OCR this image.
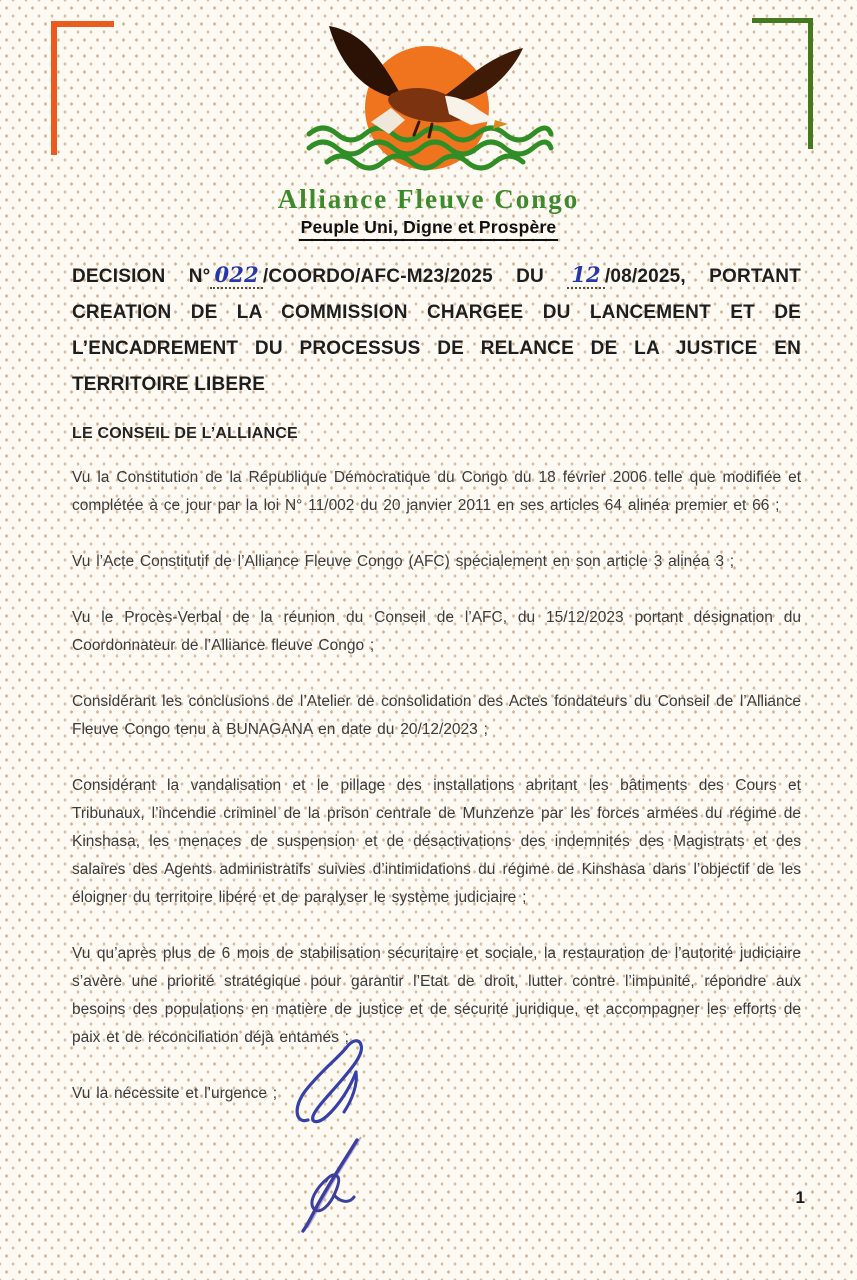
Alliance Fleuve Congo
Peuple Uni, Digne et Prospère
DECISION N° 022 /COORDO/AFC-M23/2025 DU 12 /08/2025, PORTANT
CREATION DE LA COMMISSION CHARGEE DU LANCEMENT ET DE
L’ENCADREMENT DU PROCESSUS DE RELANCE DE LA JUSTICE EN
TERRITOIRE LIBERE
LE CONSEIL DE L’ALLIANCE

Vu la Constitution de la République Démocratique du Congo du 18 février 2006 telle que modifiée et complétée à ce jour par la loi N° 11/002 du 20 janvier 2011 en ses articles 64 alinéa premier et 66 ;

Vu l’Acte Constitutif de l’Alliance Fleuve Congo (AFC) spécialement en son article 3 alinéa 3 ;

Vu le Procès-Verbal de la réunion du Conseil de l’AFC, du 15/12/2023 portant désignation du Coordonnateur de l’Alliance fleuve Congo ;

Considérant les conclusions de l’Atelier de consolidation des Actes fondateurs du Conseil de l’Alliance Fleuve Congo tenu à BUNAGANA en date du 20/12/2023 ;

Considérant la vandalisation et le pillage des installations abritant les bâtiments des Cours et Tribunaux, l’incendie criminel de la prison centrale de Munzenze par les forces armées du régime de Kinshasa, les menaces de suspension et de désactivations des indemnités des Magistrats et des salaires des Agents administratifs suivies d’intimidations du régime de Kinshasa dans l’objectif de les éloigner du territoire libéré et de paralyser le système judiciaire ;

Vu qu’après plus de 6 mois de stabilisation sécuritaire et sociale, la restauration de l’autorité judiciaire s’avère une priorité stratégique pour garantir l’Etat de droit, lutter contre l’impunité, répondre aux besoins des populations en matière de justice et de sécurité juridique, et accompagner les efforts de paix et de réconciliation déjà entamés ;

Vu la nécessite et l’urgence ;

1
